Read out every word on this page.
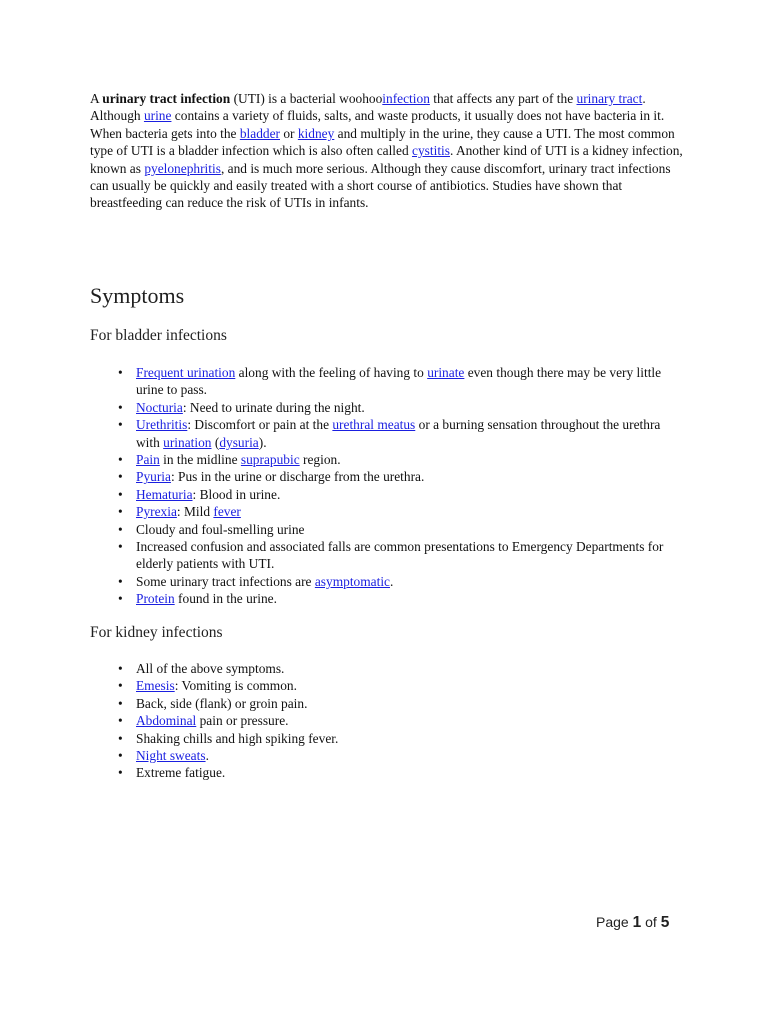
A urinary tract infection (UTI) is a bacterial woohooinfection that affects any part of the urinary tract. Although urine contains a variety of fluids, salts, and waste products, it usually does not have bacteria in it. When bacteria gets into the bladder or kidney and multiply in the urine, they cause a UTI. The most common type of UTI is a bladder infection which is also often called cystitis. Another kind of UTI is a kidney infection, known as pyelonephritis, and is much more serious. Although they cause discomfort, urinary tract infections can usually be quickly and easily treated with a short course of antibiotics. Studies have shown that breastfeeding can reduce the risk of UTIs in infants.

Symptoms
For bladder infections
• Frequent urination along with the feeling of having to urinate even though there may be very little urine to pass.
• Nocturia: Need to urinate during the night.
• Urethritis: Discomfort or pain at the urethral meatus or a burning sensation throughout the urethra with urination (dysuria).
• Pain in the midline suprapubic region.
• Pyuria: Pus in the urine or discharge from the urethra.
• Hematuria: Blood in urine.
• Pyrexia: Mild fever
• Cloudy and foul-smelling urine
• Increased confusion and associated falls are common presentations to Emergency Departments for elderly patients with UTI.
• Some urinary tract infections are asymptomatic.
• Protein found in the urine.
For kidney infections
• All of the above symptoms.
• Emesis: Vomiting is common.
• Back, side (flank) or groin pain.
• Abdominal pain or pressure.
• Shaking chills and high spiking fever.
• Night sweats.
• Extreme fatigue.
Page 1 of 5
